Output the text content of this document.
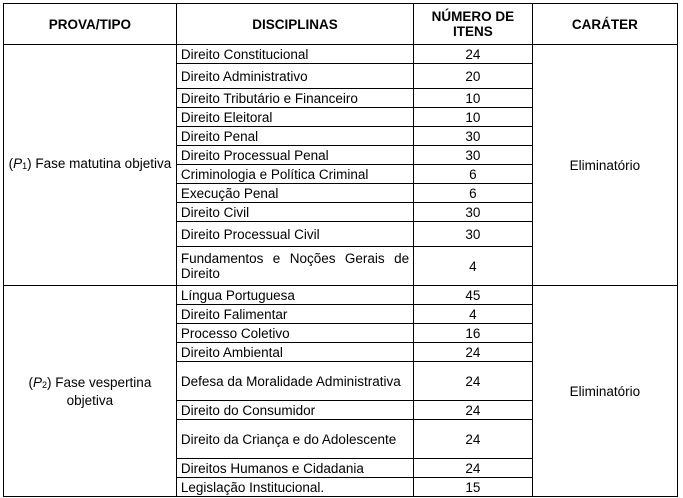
PROVA/TIPO	DISCIPLINAS	NÚMERO DE ITENS	CARÁTER
$(P_1)$ Fase matutina objetiva	Direito Constitucional	24	Eliminatório
	Direito Administrativo	20	
	Direito Tributário e Financeiro	10	
	Direito Eleitoral	10	
	Direito Penal	30	
	Direito Processual Penal	30	
	Criminologia e Política Criminal	6	
	Execução Penal	6	
	Direito Civil	30	
	Direito Processual Civil	30	
	Fundamentos e Noções Gerais de Direito	4	
$(P_2)$ Fase vespertina objetiva	Língua Portuguesa	45	Eliminatório
	Direito Falimentar	4	
	Processo Coletivo	16	
	Direito Ambiental	24	
	Defesa da Moralidade Administrativa	24	
	Direito do Consumidor	24	
	Direito da Criança e do Adolescente	24	
	Direitos Humanos e Cidadania	24	
	Legislação Institucional.	15	
